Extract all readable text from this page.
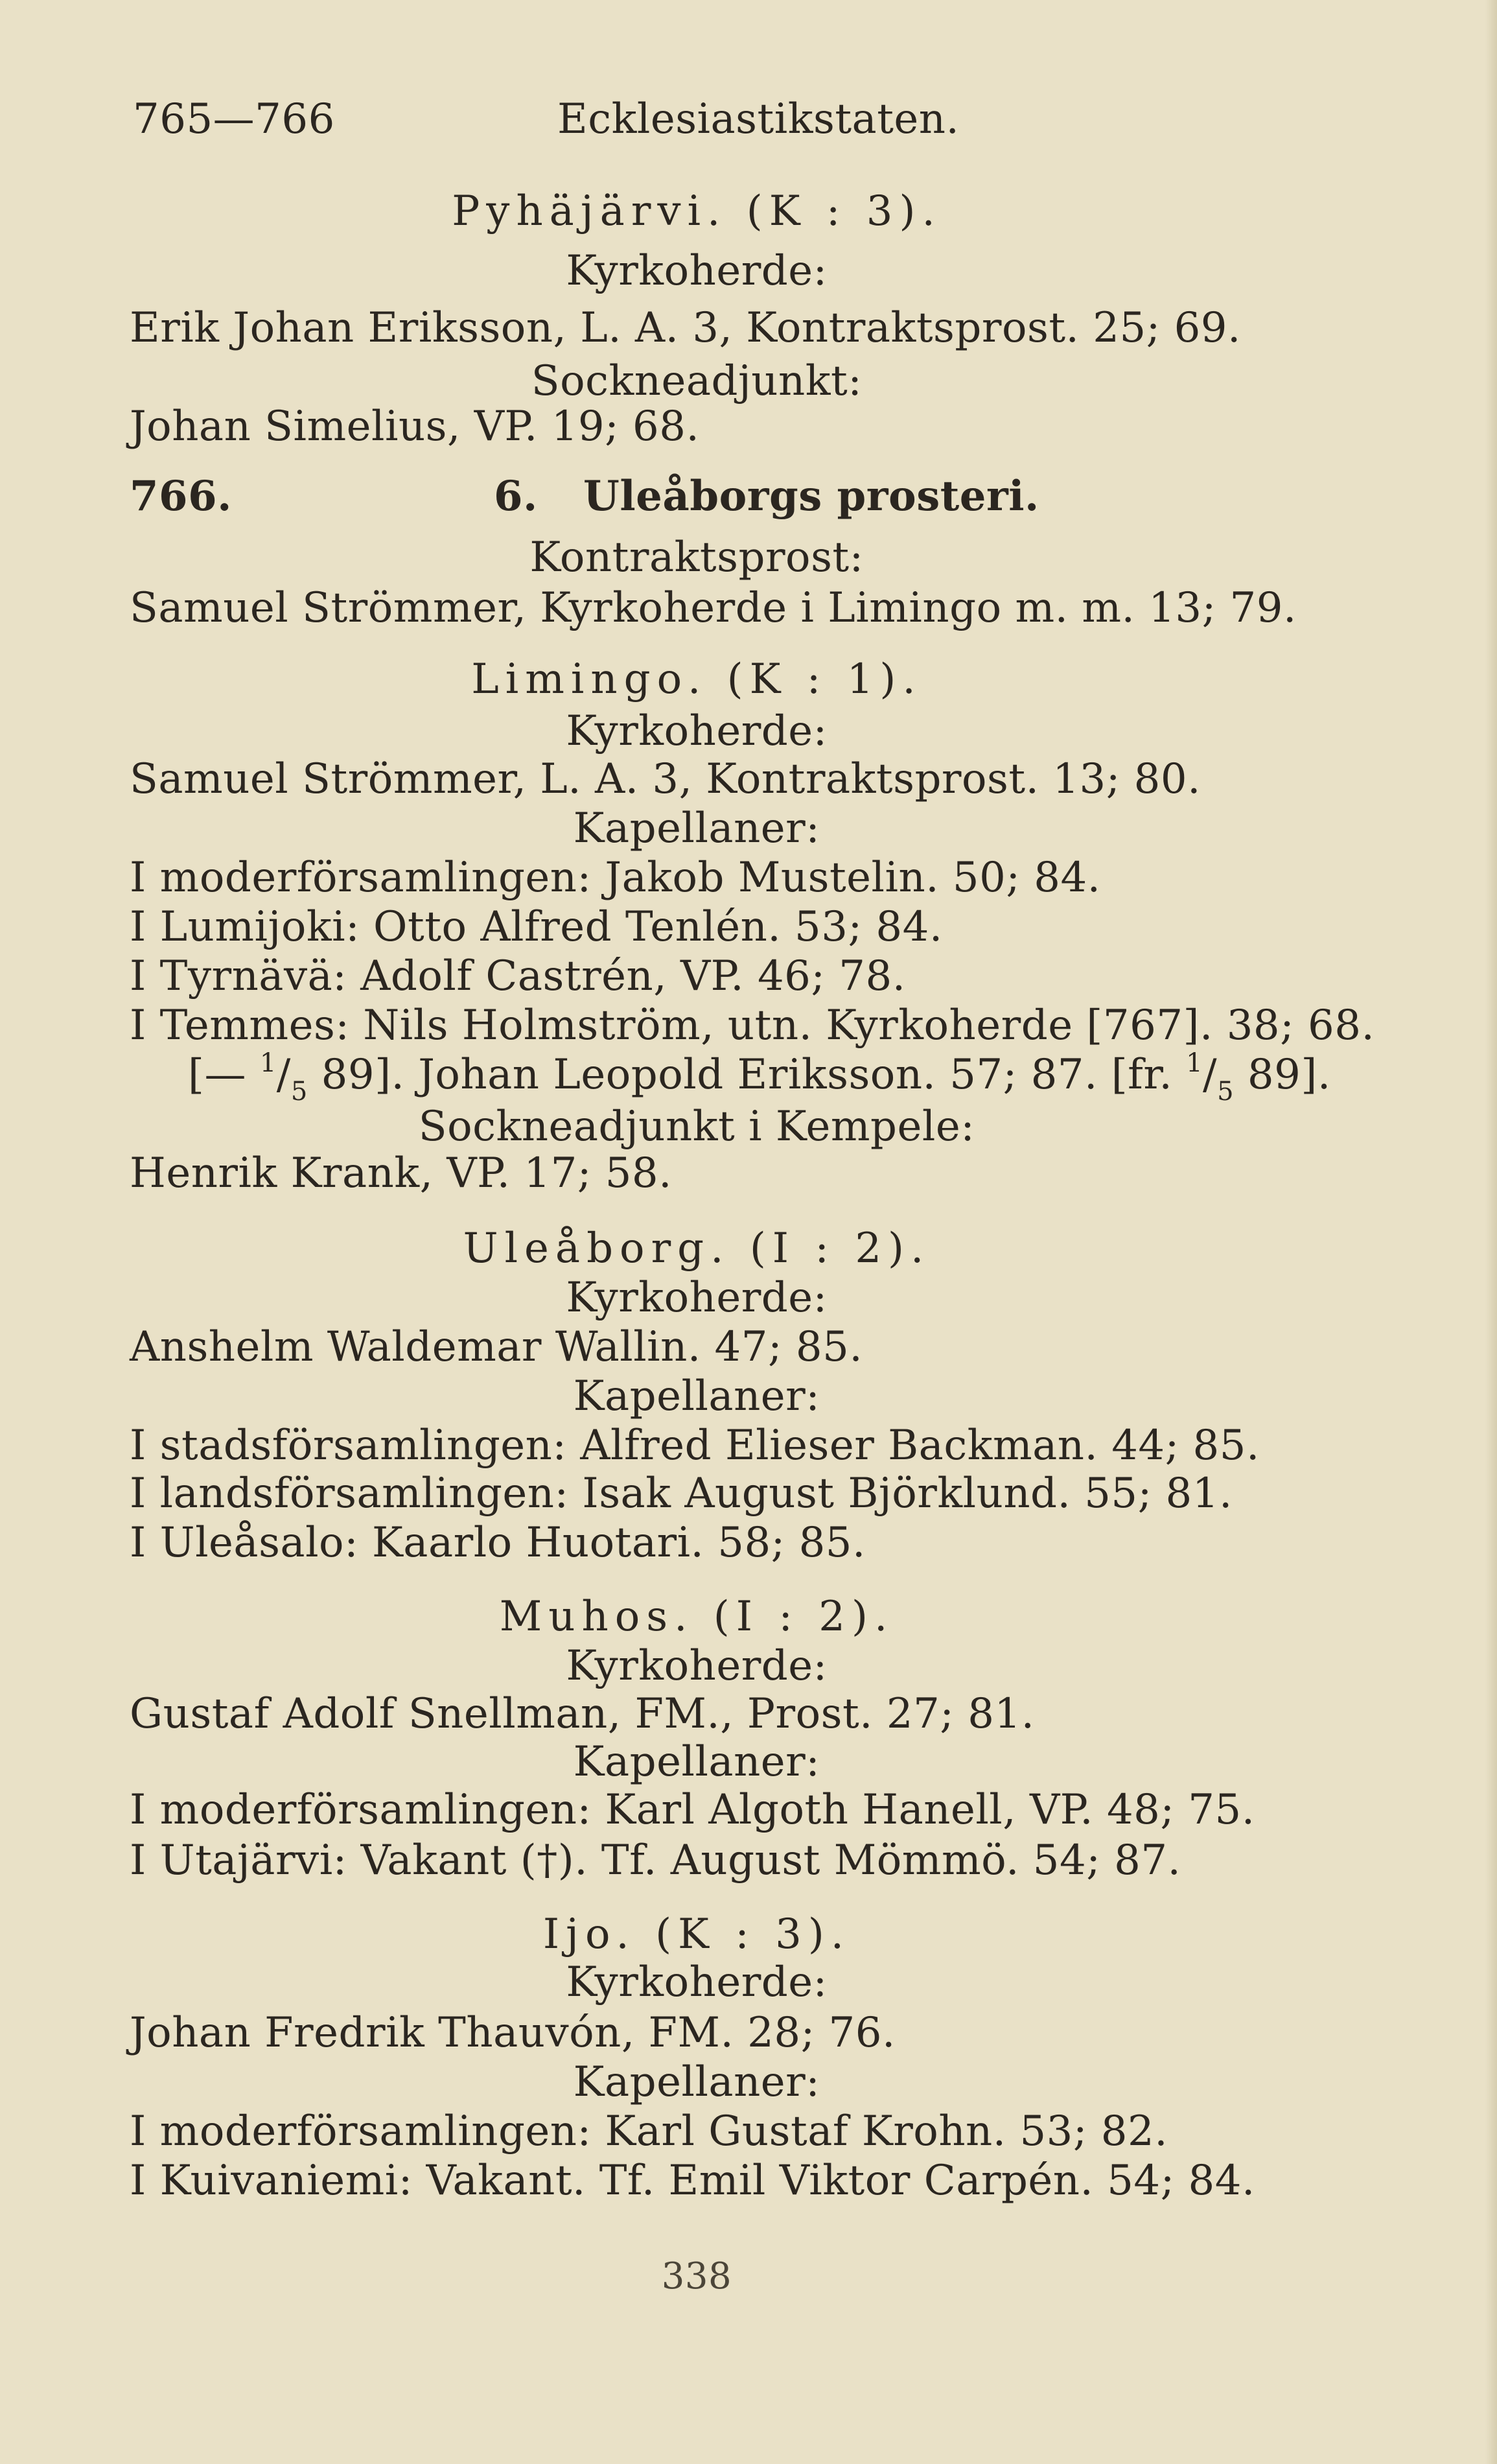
765—766	Ecklesiastikstaten.
Pyhäjärvi. (K : 3).
Kyrkoherde:
Erik Johan Eriksson, L. A. 3, Kontraktsprost. 25; 69.
Sockneadjunkt:
Johan Simelius, VP. 19; 68.
766.	6. Uleåborgs prosteri.
Kontraktsprost:
Samuel Strömmer, Kyrkoherde i Limingo m. m. 13; 79.
Limingo. (K : 1).
Kyrkoherde:
Samuel Strömmer, L. A. 3, Kontraktsprost. 13; 80.
Kapellaner:
I moderförsamlingen: Jakob Mustelin. 50; 84.
I Lumijoki: Otto Alfred Tenlén. 53; 84.
I Tyrnävä: Adolf Castrén, VP. 46; 78.
I Temmes: Nils Holmström, utn. Kyrkoherde [767]. 38; 68.
[— $^1/_5$ 89]. Johan Leopold Eriksson. 57; 87. [fr. $^1/_5$ 89].
Sockneadjunkt i Kempele:
Henrik Krank, VP. 17; 58.
Uleåborg. (I : 2).
Kyrkoherde:
Anshelm Waldemar Wallin. 47; 85.
Kapellaner:
I stadsförsamlingen: Alfred Elieser Backman. 44; 85.
I landsförsamlingen: Isak August Björklund. 55; 81.
I Uleåsalo: Kaarlo Huotari. 58; 85.
Muhos. (I : 2).
Kyrkoherde:
Gustaf Adolf Snellman, FM., Prost. 27; 81.
Kapellaner:
I moderförsamlingen: Karl Algoth Hanell, VP. 48; 75.
I Utajärvi: Vakant (†). Tf. August Mömmö. 54; 87.
Ijo. (K : 3).
Kyrkoherde:
Johan Fredrik Thauvón, FM. 28; 76.
Kapellaner:
I moderförsamlingen: Karl Gustaf Krohn. 53; 82.
I Kuivaniemi: Vakant. Tf. Emil Viktor Carpén. 54; 84.
338
